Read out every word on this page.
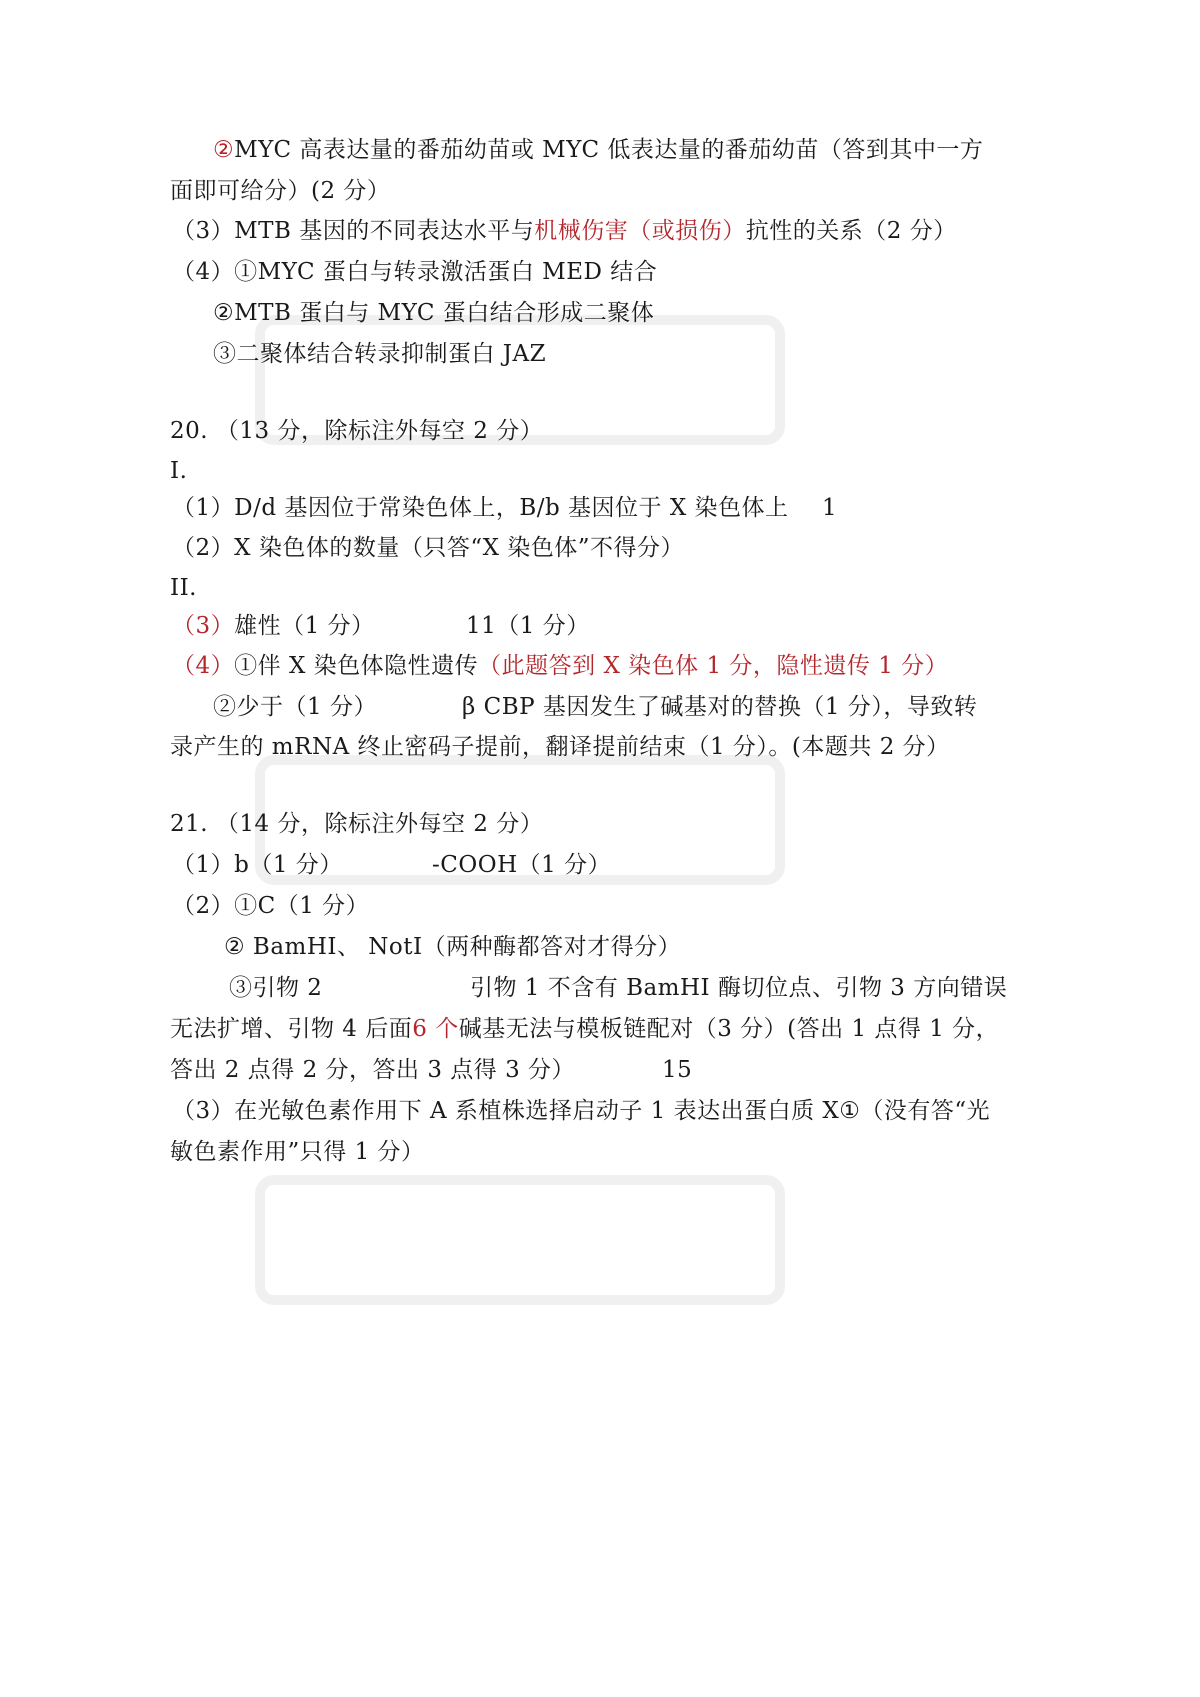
②MYC 高表达量的番茄幼苗或 MYC 低表达量的番茄幼苗（答到其中一方
面即可给分）(2 分）
（3）MTB 基因的不同表达水平与机械伤害（或损伤）抗性的关系（2 分）
（4）①MYC 蛋白与转录激活蛋白 MED 结合
②MTB 蛋白与 MYC 蛋白结合形成二聚体
③二聚体结合转录抑制蛋白 JAZ
20. （13 分，除标注外每空 2 分）
I.
（1）D/d 基因位于常染色体上，B/b 基因位于 X 染色体上 1
（2）X 染色体的数量（只答“X 染色体”不得分）
II.
（3）雄性（1 分）	11（1 分）
（4）①伴 X 染色体隐性遗传（此题答到 X 染色体 1 分，隐性遗传 1 分）
②少于（1 分）	β CBP 基因发生了碱基对的替换（1 分），导致转
录产生的 mRNA 终止密码子提前，翻译提前结束（1 分）。(本题共 2 分）
21. （14 分，除标注外每空 2 分）
（1）b（1 分）	-COOH（1 分）
（2）①C（1 分）
② BamHI、 NotI（两种酶都答对才得分）
③引物 2	引物 1 不含有 BamHI 酶切位点、引物 3 方向错误
无法扩增、引物 4 后面6 个碱基无法与模板链配对（3 分）(答出 1 点得 1 分，
答出 2 点得 2 分，答出 3 点得 3 分）	15
（3）在光敏色素作用下 A 系植株选择启动子 1 表达出蛋白质 X①（没有答“光
敏色素作用”只得 1 分）
